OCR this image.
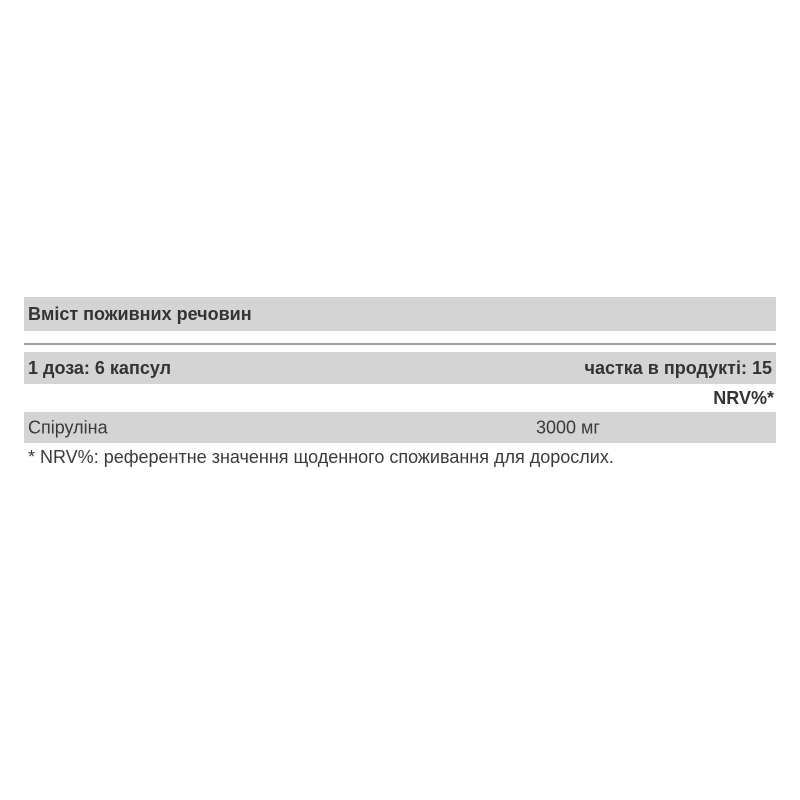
Вміст поживних речовин
1 доза: 6 капсул	частка в продукті: 15
NRV%*
Спіруліна	3000 мг
* NRV%: референтне значення щоденного споживання для дорослих.
